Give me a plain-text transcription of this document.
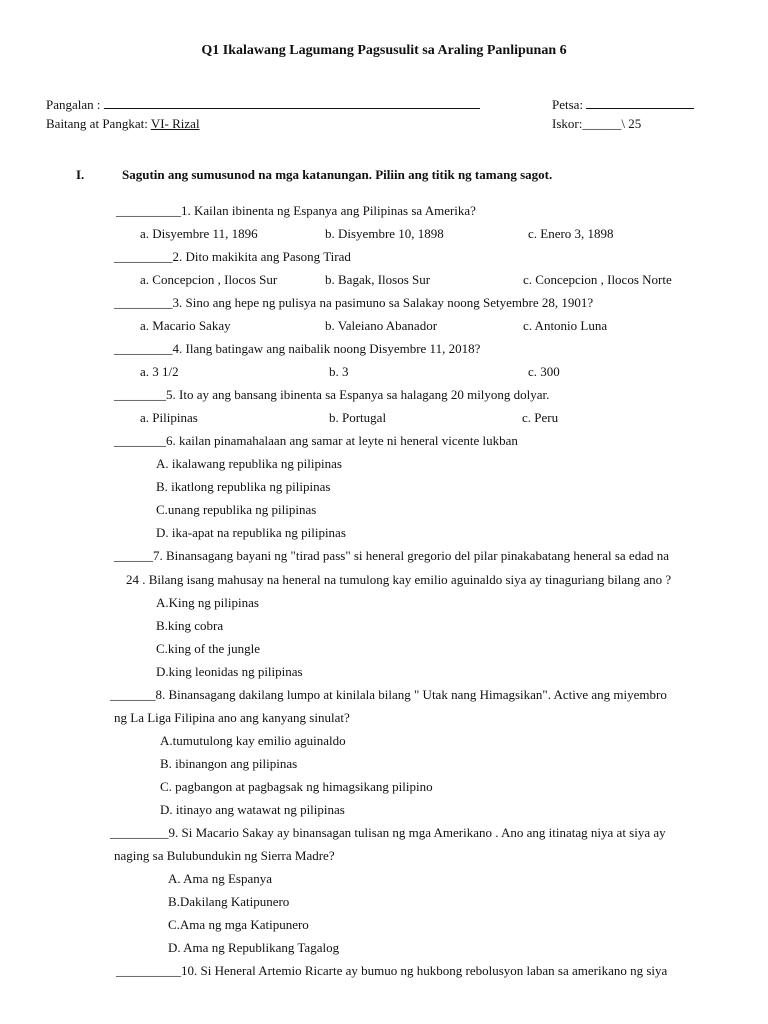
Q1 Ikalawang Lagumang Pagsusulit sa Araling Panlipunan 6
Pangalan :	Petsa:
Baitang at Pangkat: VI- Rizal	Iskor:______\ 25
I.	Sagutin ang sumusunod na mga katanungan. Piliin ang titik ng tamang sagot.
__________1. Kailan ibinenta ng Espanya ang Pilipinas sa Amerika?
a. Disyembre 11, 1896	b. Disyembre 10, 1898	c. Enero 3, 1898
_________2. Dito makikita ang Pasong Tirad
a. Concepcion , Ilocos Sur	b. Bagak, Ilosos Sur	c. Concepcion , Ilocos Norte
_________3. Sino ang hepe ng pulisya na pasimuno sa Salakay noong Setyembre 28, 1901?
a. Macario Sakay	b. Valeiano Abanador	c. Antonio Luna
_________4. Ilang batingaw ang naibalik noong Disyembre 11, 2018?
a. 3 1/2	b. 3	c. 300
________5. Ito ay ang bansang ibinenta sa Espanya sa halagang 20 milyong dolyar.
a. Pilipinas	b. Portugal	c. Peru
________6. kailan pinamahalaan ang samar at leyte ni heneral vicente lukban
A. ikalawang republika ng pilipinas
B. ikatlong republika ng pilipinas
C.unang republika ng pilipinas
D. ika-apat na republika ng pilipinas
______7. Binansagang bayani ng "tirad pass" si heneral gregorio del pilar pinakabatang heneral sa edad na
24 . Bilang isang mahusay na heneral na tumulong kay emilio aguinaldo siya ay tinaguriang bilang ano ?
A.King ng pilipinas
B.king cobra
C.king of the jungle
D.king leonidas ng pilipinas
_______8. Binansagang dakilang lumpo at kinilala bilang " Utak nang Himagsikan". Active ang miyembro
ng La Liga Filipina ano ang kanyang sinulat?
A.tumutulong kay emilio aguinaldo
B. ibinangon ang pilipinas
C. pagbangon at pagbagsak ng himagsikang pilipino
D. itinayo ang watawat ng pilipinas
_________9. Si Macario Sakay ay binansagan tulisan ng mga Amerikano . Ano ang itinatag niya at siya ay
naging sa Bulubundukin ng Sierra Madre?
A. Ama ng Espanya
B.Dakilang Katipunero
C.Ama ng mga Katipunero
D. Ama ng Republikang Tagalog
__________10. Si Heneral Artemio Ricarte ay bumuo ng hukbong rebolusyon laban sa amerikano ng siya
